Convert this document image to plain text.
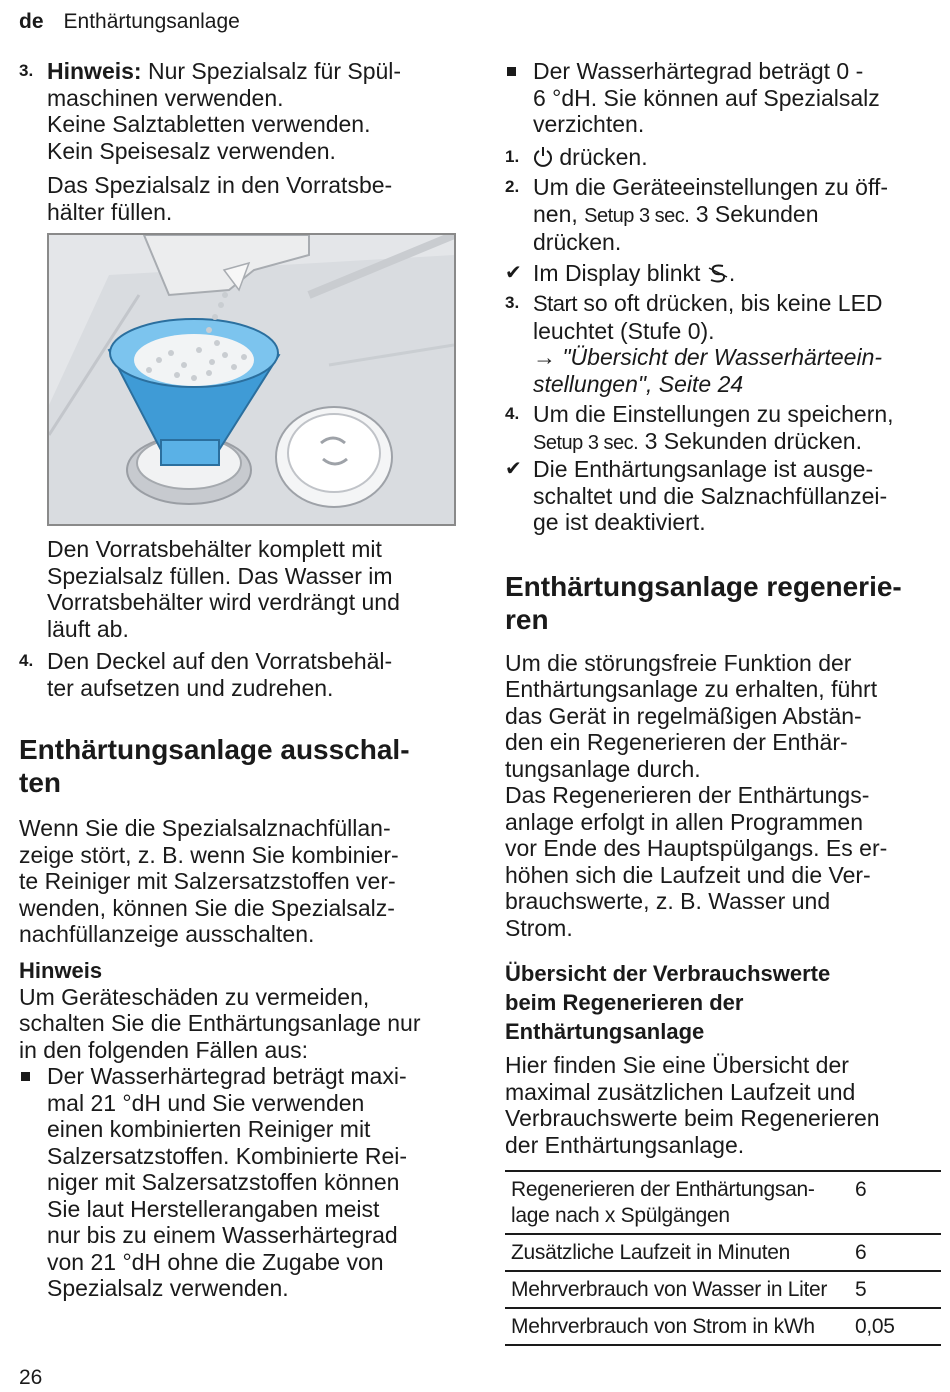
de Enthärtungsanlage
3. Hinweis: Nur Spezialsalz für Spül-
maschinen verwenden.
Keine Salztabletten verwenden.
Kein Speisesalz verwenden.
Das Spezialsalz in den Vorratsbe-
hälter füllen.
Den Vorratsbehälter komplett mit
Spezialsalz füllen. Das Wasser im
Vorratsbehälter wird verdrängt und
läuft ab.
4. Den Deckel auf den Vorratsbehäl-
ter aufsetzen und zudrehen.
Enthärtungsanlage ausschal-
ten

Wenn Sie die Spezialsalznachfüllan-

zeige stört, z. B. wenn Sie kombinier-

te Reiniger mit Salzersatzstoffen ver-

wenden, können Sie die Spezialsalz-

nachfüllanzeige ausschalten.

Hinweis

Um Geräteschäden zu vermeiden,

schalten Sie die Enthärtungsanlage nur

in den folgenden Fällen aus:

Der Wasserhärtegrad beträgt maxi-

mal 21 °dH und Sie verwenden

einen kombinierten Reiniger mit

Salzersatzstoffen. Kombinierte Rei-

niger mit Salzersatzstoffen können

Sie laut Herstellerangaben meist

nur bis zu einem Wasserhärtegrad

von 21 °dH ohne die Zugabe von

Spezialsalz verwenden.

Der Wasserhärtegrad beträgt 0 -

6 °dH. Sie können auf Spezialsalz

verzichten.

1.	drücken.
2. Um die Geräteeinstellungen zu öff-
nen, Setup 3 sec. 3 Sekunden
drücken.
✔ Im Display blinkt .
3. Start so oft drücken, bis keine LED
leuchtet (Stufe 0).
→ "Übersicht der Wasserhärteein-
stellungen", Seite 24
4. Um die Einstellungen zu speichern,
Setup 3 sec. 3 Sekunden drücken.
✔ Die Enthärtungsanlage ist ausge-
schaltet und die Salznachfüllanzei-
ge ist deaktiviert.
Enthärtungsanlage regenerie-
ren

Um die störungsfreie Funktion der

Enthärtungsanlage zu erhalten, führt

das Gerät in regelmäßigen Abstän-

den ein Regenerieren der Enthär-

tungsanlage durch.

Das Regenerieren der Enthärtungs-

anlage erfolgt in allen Programmen

vor Ende des Hauptspülgangs. Es er-

höhen sich die Laufzeit und die Ver-

brauchswerte, z. B. Wasser und

Strom.

Übersicht der Verbrauchswerte
beim Regenerieren der
Enthärtungsanlage

Hier finden Sie eine Übersicht der

maximal zusätzlichen Laufzeit und

Verbrauchswerte beim Regenerieren

der Enthärtungsanlage.

Regenerieren der Enthärtungsan-
lage nach x Spülgängen	6
Zusätzliche Laufzeit in Minuten	6
Mehrverbrauch von Wasser in Liter	5
Mehrverbrauch von Strom in kWh	0,05
26
